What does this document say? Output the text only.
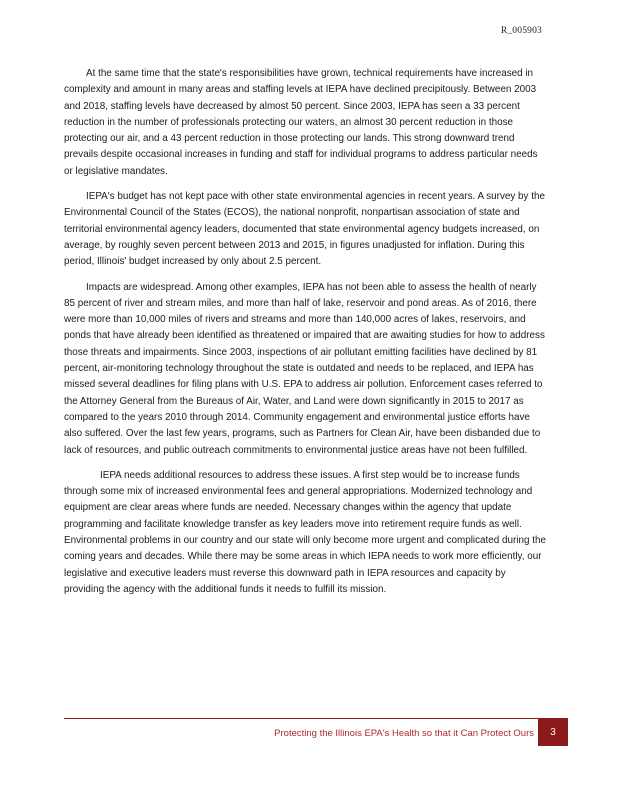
R_005903

At the same time that the state's responsibilities have grown, technical requirements have increased in complexity and amount in many areas and staffing levels at IEPA have declined precipitously. Between 2003 and 2018, staffing levels have decreased by almost 50 percent. Since 2003, IEPA has seen a 33 percent reduction in the number of professionals protecting our waters, an almost 30 percent reduction in those protecting our air, and a 43 percent reduction in those protecting our lands. This strong downward trend prevails despite occasional increases in funding and staff for individual programs to address particular needs or legislative mandates.

IEPA's budget has not kept pace with other state environmental agencies in recent years. A survey by the Environmental Council of the States (ECOS), the national nonprofit, nonpartisan association of state and territorial environmental agency leaders, documented that state environmental agency budgets increased, on average, by roughly seven percent between 2013 and 2015, in figures unadjusted for inflation. During this period, Illinois' budget increased by only about 2.5 percent.

Impacts are widespread. Among other examples, IEPA has not been able to assess the health of nearly 85 percent of river and stream miles, and more than half of lake, reservoir and pond areas. As of 2016, there were more than 10,000 miles of rivers and streams and more than 140,000 acres of lakes, reservoirs, and ponds that have already been identified as threatened or impaired that are awaiting studies for how to address those threats and impairments. Since 2003, inspections of air pollutant emitting facilities have declined by 81 percent, air-monitoring technology throughout the state is outdated and needs to be replaced, and IEPA has missed several deadlines for filing plans with U.S. EPA to address air pollution. Enforcement cases referred to the Attorney General from the Bureaus of Air, Water, and Land were down significantly in 2015 to 2017 as compared to the years 2010 through 2014. Community engagement and environmental justice efforts have also suffered. Over the last few years, programs, such as Partners for Clean Air, have been disbanded due to lack of resources, and public outreach commitments to environmental justice areas have not been fulfilled.

IEPA needs additional resources to address these issues. A first step would be to increase funds through some mix of increased environmental fees and general appropriations. Modernized technology and equipment are clear areas where funds are needed. Necessary changes within the agency that update programming and facilitate knowledge transfer as key leaders move into retirement require funds as well. Environmental problems in our country and our state will only become more urgent and complicated during the coming years and decades. While there may be some areas in which IEPA needs to work more efficiently, our legislative and executive leaders must reverse this downward path in IEPA resources and capacity by providing the agency with the additional funds it needs to fulfill its mission.

Protecting the Illinois EPA's Health so that it Can Protect Ours 3
